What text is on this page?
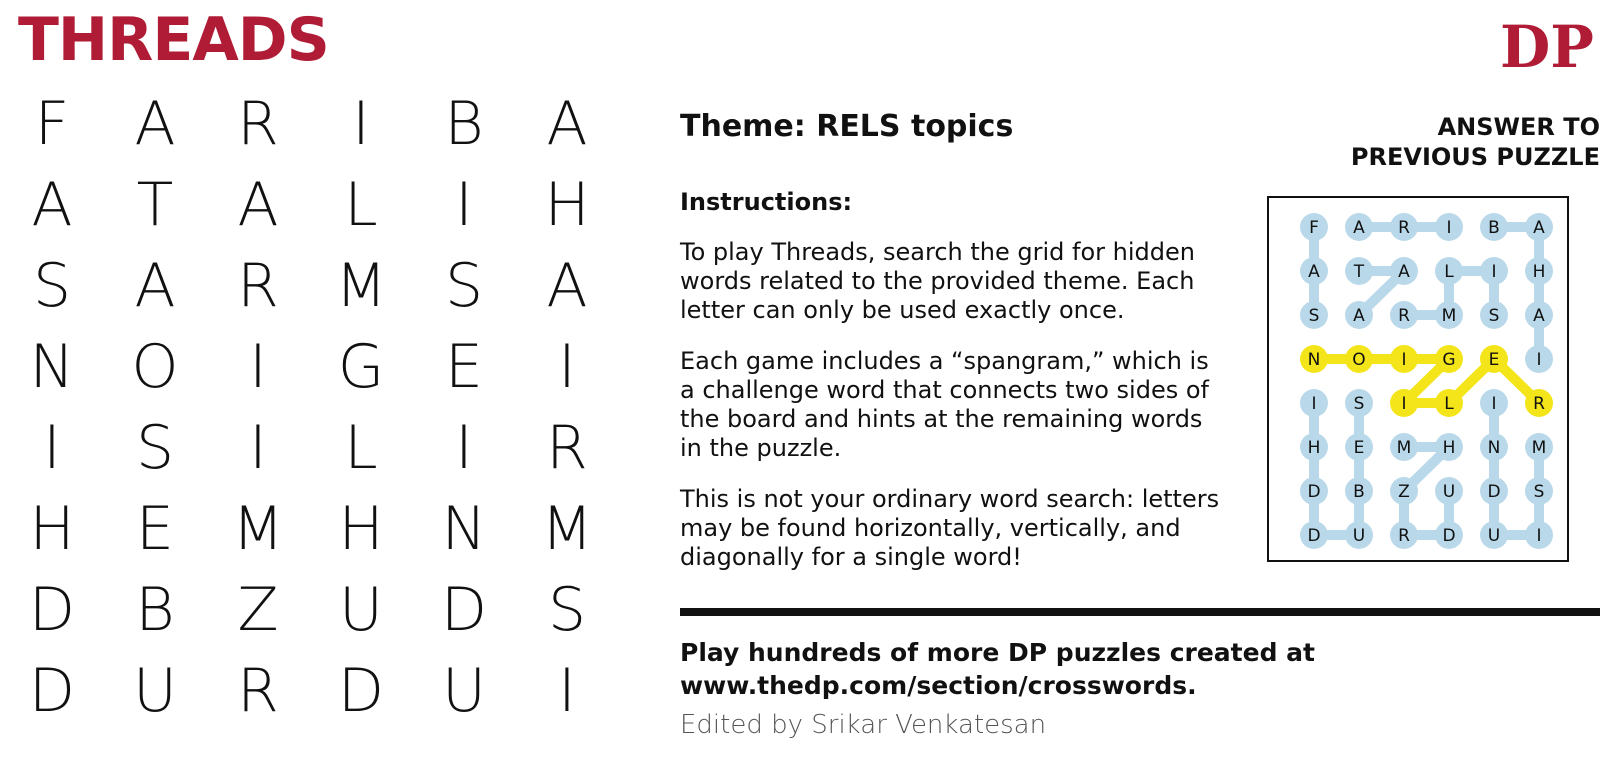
THREADS	DP
F	A	R	I	B	A
A	T	A	L	I	H
S	A	R M S	A
N O	I	G	E	I
I	S	I	L	I	R
H	E M H N M
D	B	Z	U D	S
D U	R D U	I
Theme: RELS topics
Instructions:
To play Threads, search the grid for hidden
words related to the provided theme. Each
letter can only be used exactly once.
Each game includes a “spangram,” which is
a challenge word that connects two sides of
the board and hints at the remaining words
in the puzzle.
This is not your ordinary word search: letters
may be found horizontally, vertically, and
diagonally for a single word!
ANSWER TO
PREVIOUS PUZZLE
F A R I B A
A T A L I H
S A R M S A
N O I G E I
I S I L I R
H E M H N M
D B Z U D S
D U R D U I
Play hundreds of more DP puzzles created at
www.thedp.com/section/crosswords.
Edited by Srikar Venkatesan
